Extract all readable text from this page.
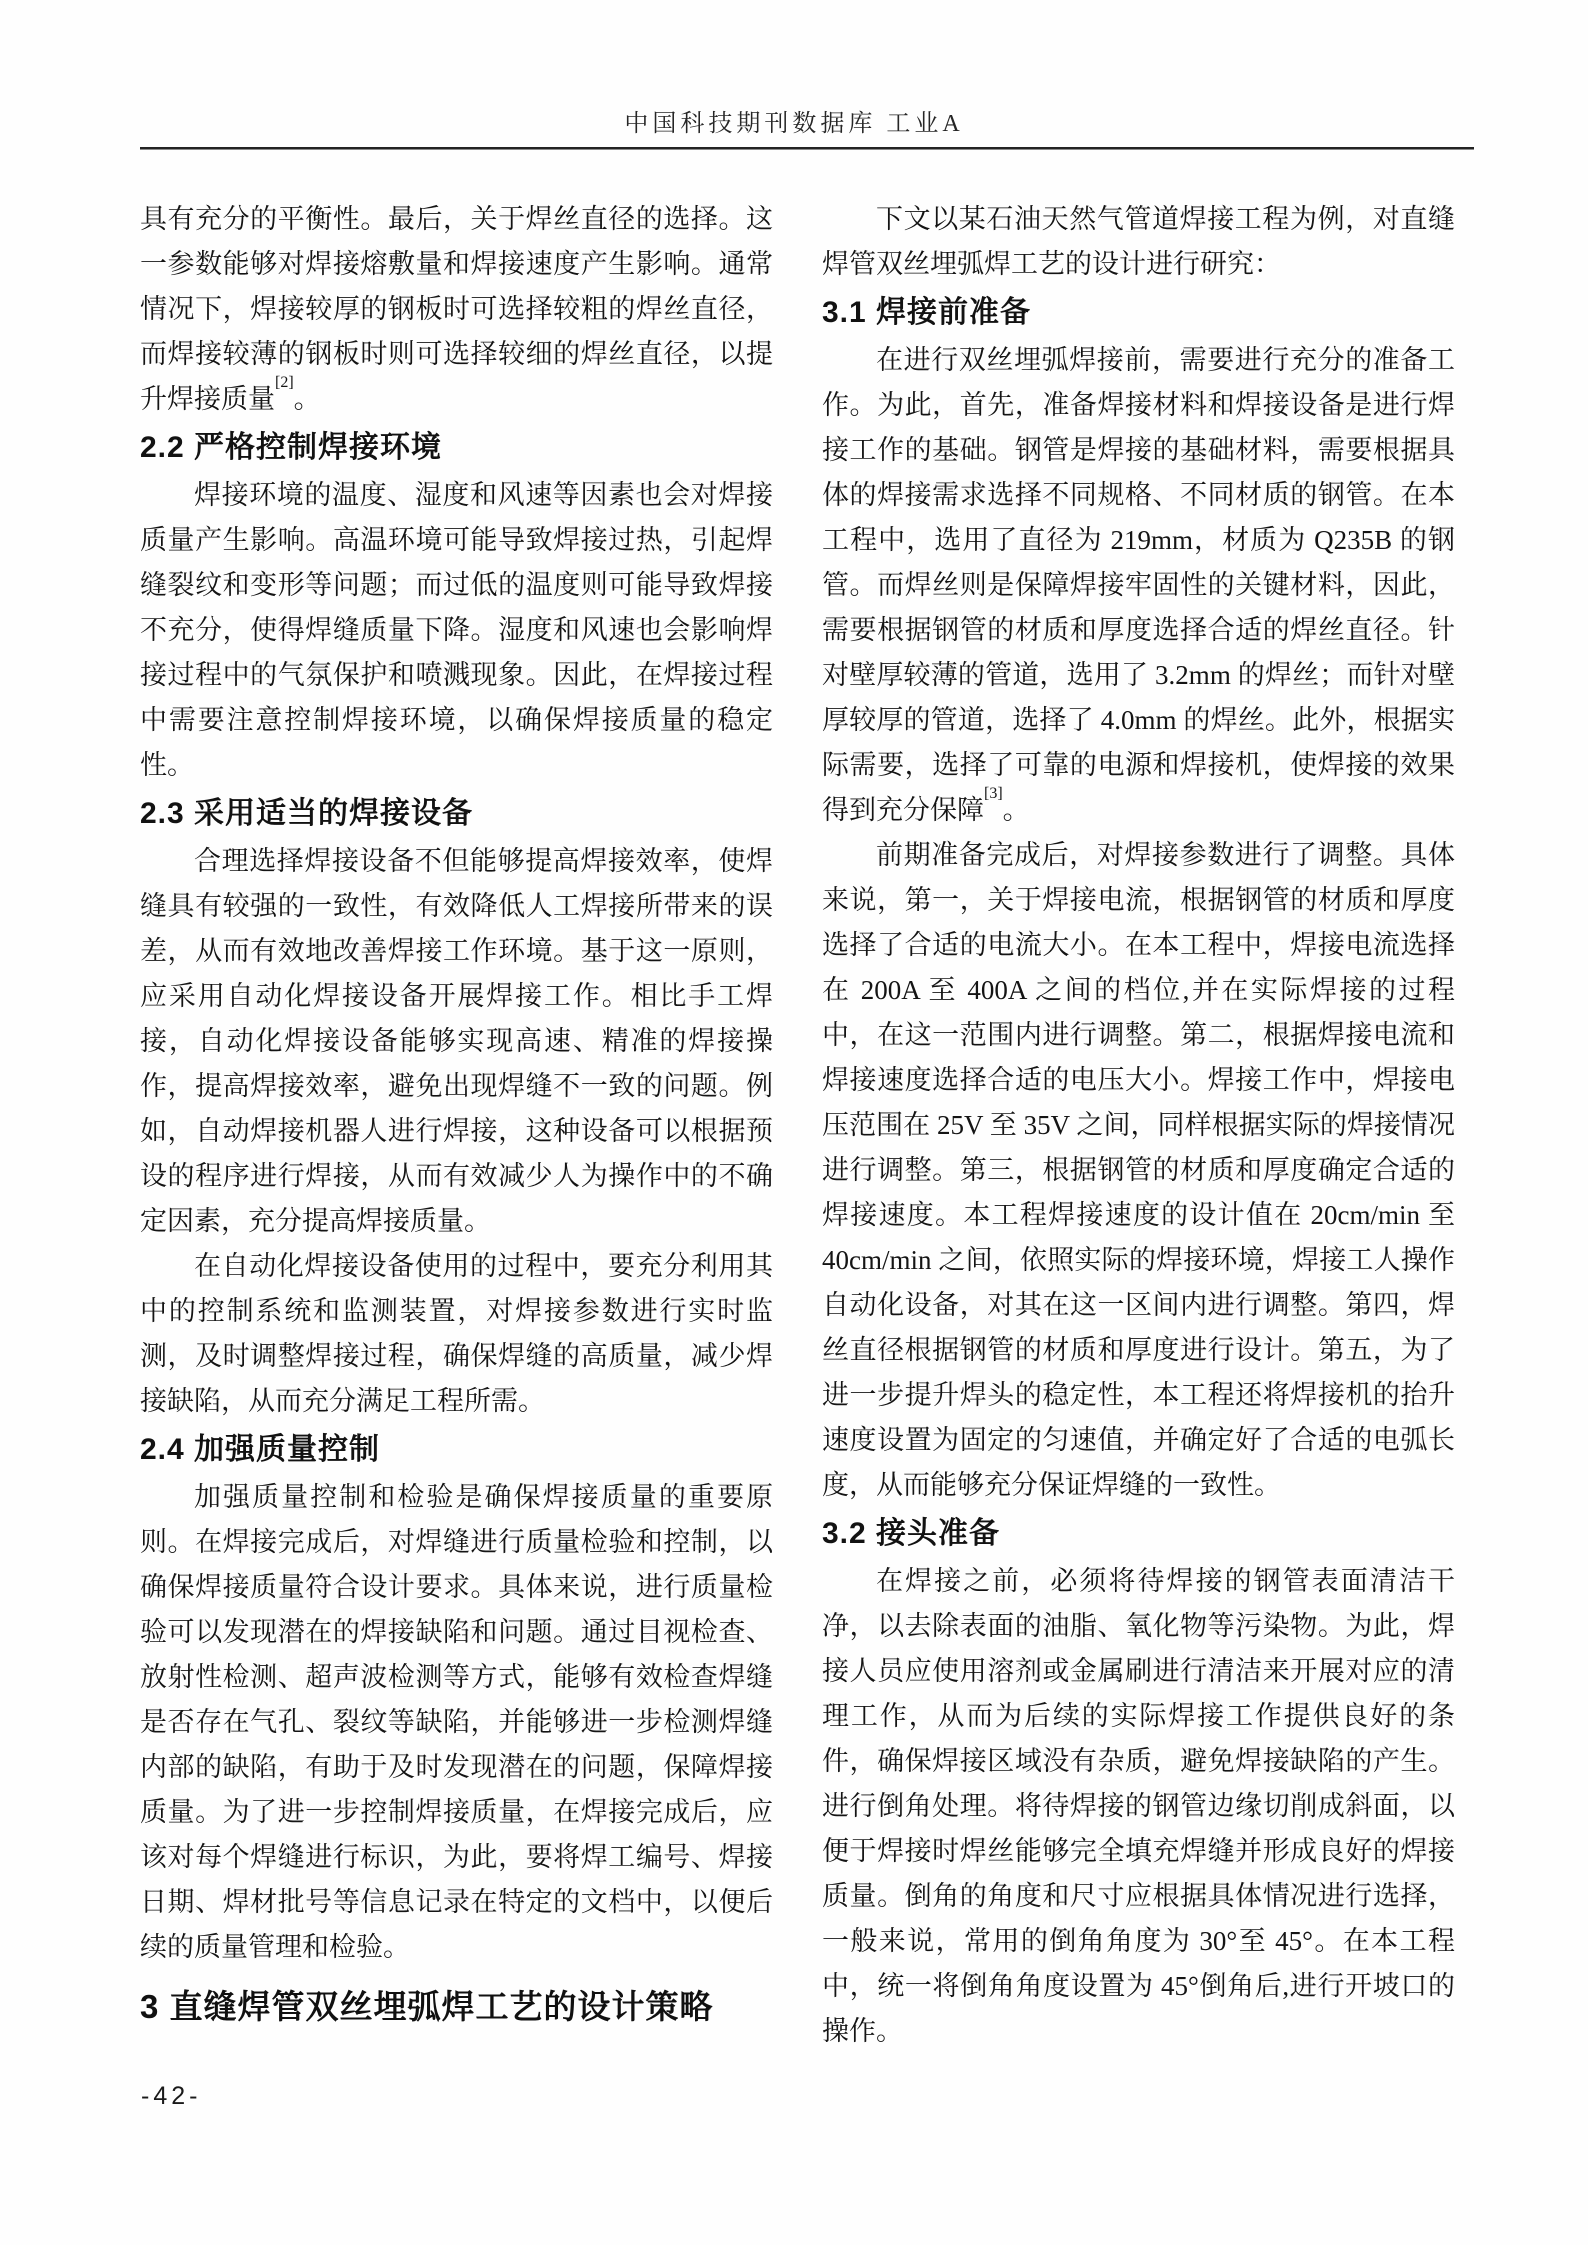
中国科技期刊数据库 工业A

具有充分的平衡性。最后，关于焊丝直径的选择。这一参数能够对焊接熔敷量和焊接速度产生影响。通常情况下，焊接较厚的钢板时可选择较粗的焊丝直径，而焊接较薄的钢板时则可选择较细的焊丝直径，以提升焊接质量[2]。

2.2 严格控制焊接环境

焊接环境的温度、湿度和风速等因素也会对焊接质量产生影响。高温环境可能导致焊接过热，引起焊缝裂纹和变形等问题；而过低的温度则可能导致焊接不充分，使得焊缝质量下降。湿度和风速也会影响焊接过程中的气氛保护和喷溅现象。因此，在焊接过程中需要注意控制焊接环境，以确保焊接质量的稳定性。

2.3 采用适当的焊接设备

合理选择焊接设备不但能够提高焊接效率，使焊缝具有较强的一致性，有效降低人工焊接所带来的误差，从而有效地改善焊接工作环境。基于这一原则，应采用自动化焊接设备开展焊接工作。相比手工焊接，自动化焊接设备能够实现高速、精准的焊接操作，提高焊接效率，避免出现焊缝不一致的问题。例如，自动焊接机器人进行焊接，这种设备可以根据预设的程序进行焊接，从而有效减少人为操作中的不确定因素，充分提高焊接质量。

在自动化焊接设备使用的过程中，要充分利用其中的控制系统和监测装置，对焊接参数进行实时监测，及时调整焊接过程，确保焊缝的高质量，减少焊接缺陷，从而充分满足工程所需。

2.4 加强质量控制

加强质量控制和检验是确保焊接质量的重要原则。在焊接完成后，对焊缝进行质量检验和控制，以确保焊接质量符合设计要求。具体来说，进行质量检验可以发现潜在的焊接缺陷和问题。通过目视检查、放射性检测、超声波检测等方式，能够有效检查焊缝是否存在气孔、裂纹等缺陷，并能够进一步检测焊缝内部的缺陷，有助于及时发现潜在的问题，保障焊接质量。为了进一步控制焊接质量，在焊接完成后，应该对每个焊缝进行标识，为此，要将焊工编号、焊接日期、焊材批号等信息记录在特定的文档中，以便后续的质量管理和检验。

3 直缝焊管双丝埋弧焊工艺的设计策略

下文以某石油天然气管道焊接工程为例，对直缝焊管双丝埋弧焊工艺的设计进行研究：

3.1 焊接前准备

在进行双丝埋弧焊接前，需要进行充分的准备工作。为此，首先，准备焊接材料和焊接设备是进行焊接工作的基础。钢管是焊接的基础材料，需要根据具体的焊接需求选择不同规格、不同材质的钢管。在本工程中，选用了直径为 219mm，材质为 Q235B 的钢管。而焊丝则是保障焊接牢固性的关键材料，因此，需要根据钢管的材质和厚度选择合适的焊丝直径。针对壁厚较薄的管道，选用了 3.2mm 的焊丝；而针对壁厚较厚的管道，选择了 4.0mm 的焊丝。此外，根据实际需要，选择了可靠的电源和焊接机，使焊接的效果得到充分保障[3]。

前期准备完成后，对焊接参数进行了调整。具体来说，第一，关于焊接电流，根据钢管的材质和厚度选择了合适的电流大小。在本工程中，焊接电流选择在 200A 至 400A 之间的档位,并在实际焊接的过程中，在这一范围内进行调整。第二，根据焊接电流和焊接速度选择合适的电压大小。焊接工作中，焊接电压范围在 25V 至 35V 之间，同样根据实际的焊接情况进行调整。第三，根据钢管的材质和厚度确定合适的焊接速度。本工程焊接速度的设计值在 20cm/min 至 40cm/min 之间，依照实际的焊接环境，焊接工人操作自动化设备，对其在这一区间内进行调整。第四，焊丝直径根据钢管的材质和厚度进行设计。第五，为了进一步提升焊头的稳定性，本工程还将焊接机的抬升速度设置为固定的匀速值，并确定好了合适的电弧长度，从而能够充分保证焊缝的一致性。

3.2 接头准备

在焊接之前，必须将待焊接的钢管表面清洁干净，以去除表面的油脂、氧化物等污染物。为此，焊接人员应使用溶剂或金属刷进行清洁来开展对应的清理工作，从而为后续的实际焊接工作提供良好的条件，确保焊接区域没有杂质，避免焊接缺陷的产生。进行倒角处理。将待焊接的钢管边缘切削成斜面，以便于焊接时焊丝能够完全填充焊缝并形成良好的焊接质量。倒角的角度和尺寸应根据具体情况进行选择，一般来说，常用的倒角角度为 30°至 45°。在本工程中，统一将倒角角度设置为 45°倒角后,进行开坡口的操作。

-42-
